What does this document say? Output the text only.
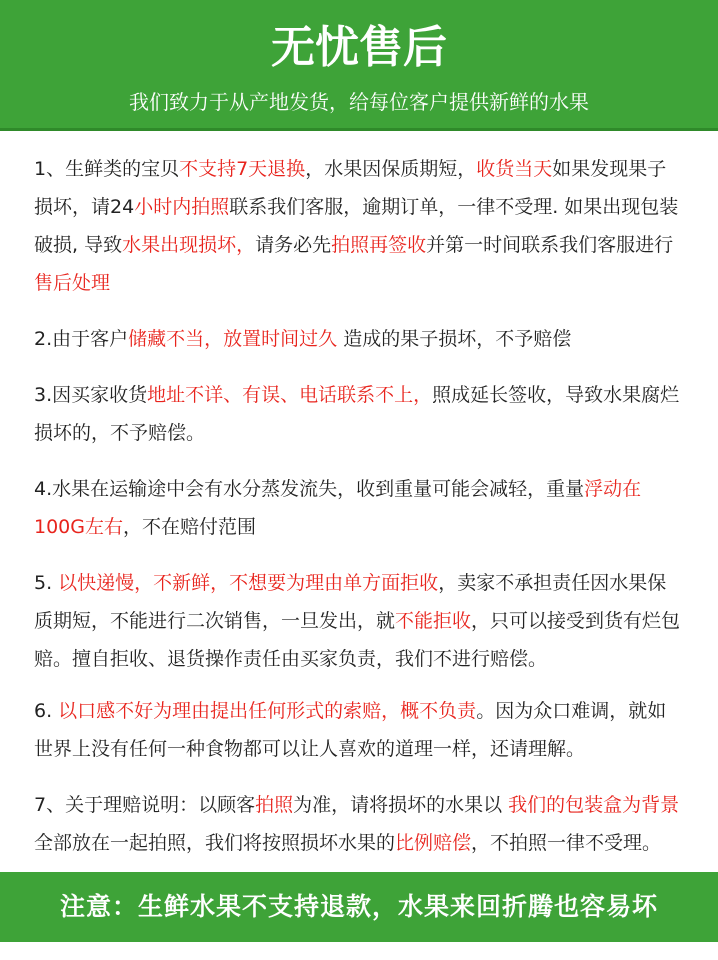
无忧售后
我们致力于从产地发货，给每位客户提供新鲜的水果

1、生鲜类的宝贝不支持7天退换，水果因保质期短，收货当天如果发现果子损坏，请24小时内拍照联系我们客服，逾期订单，一律不受理. 如果出现包装破损, 导致水果出现损坏，请务必先拍照再签收并第一时间联系我们客服进行售后处理

2.由于客户储藏不当，放置时间过久 造成的果子损坏，不予赔偿

3.因买家收货地址不详、有误、电话联系不上，照成延长签收，导致水果腐烂损坏的，不予赔偿。

4.水果在运输途中会有水分蒸发流失，收到重量可能会减轻，重量浮动在100G左右，不在赔付范围

5. 以快递慢，不新鲜，不想要为理由单方面拒收，卖家不承担责任因水果保质期短，不能进行二次销售，一旦发出，就不能拒收，只可以接受到货有烂包赔。擅自拒收、退货操作责任由买家负责，我们不进行赔偿。

6. 以口感不好为理由提出任何形式的索赔，概不负责。因为众口难调，就如世界上没有任何一种食物都可以让人喜欢的道理一样，还请理解。

7、关于理赔说明：以顾客拍照为准，请将损坏的水果以 我们的包装盒为背景全部放在一起拍照，我们将按照损坏水果的比例赔偿，不拍照一律不受理。

注意：生鲜水果不支持退款，水果来回折腾也容易坏
